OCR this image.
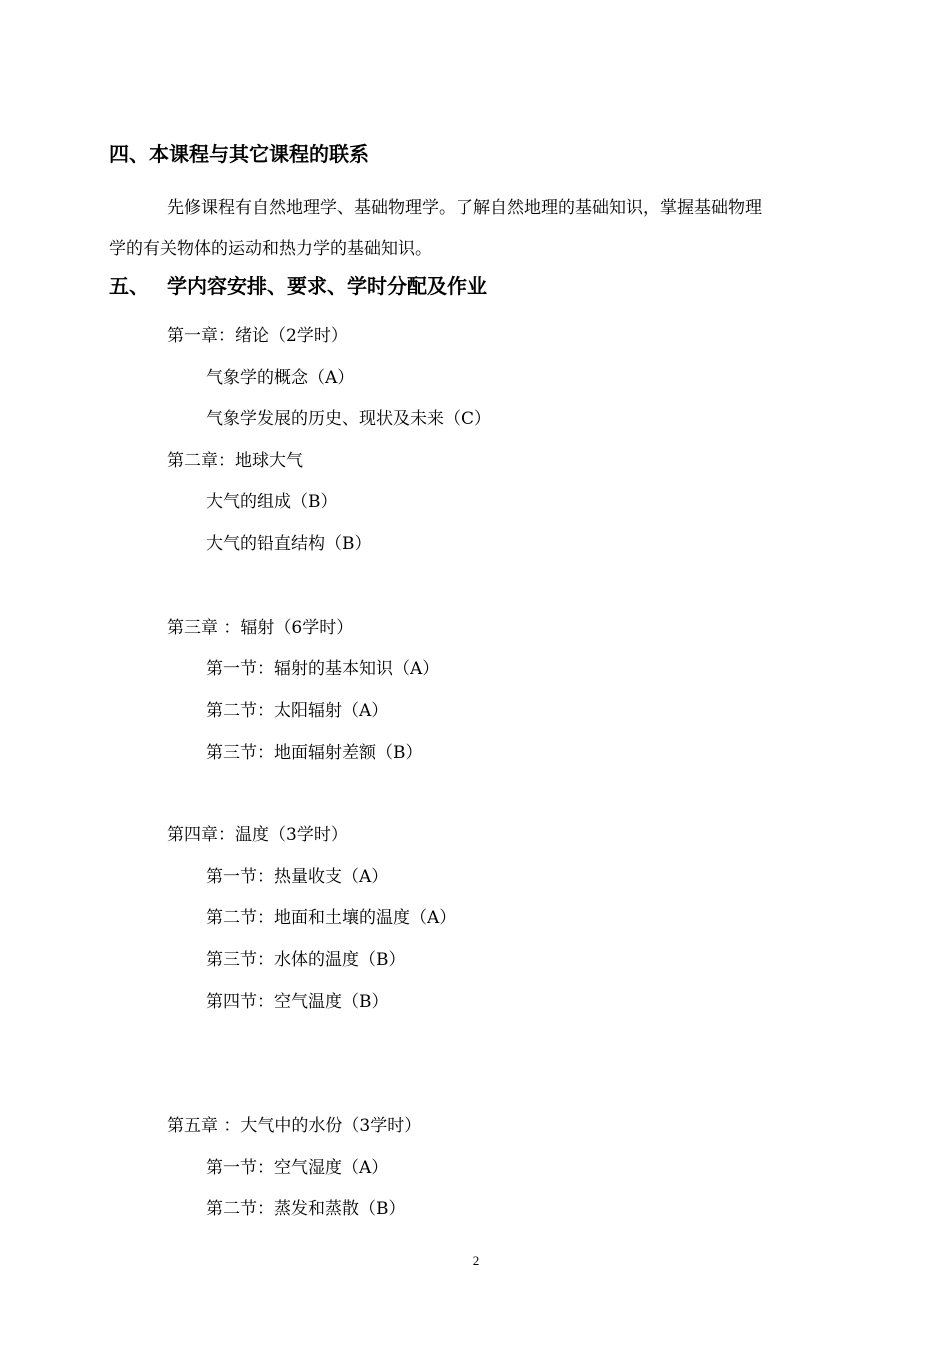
四、本课程与其它课程的联系
先修课程有自然地理学、基础物理学。了解自然地理的基础知识，掌握基础物理
学的有关物体的运动和热力学的基础知识。
五、 学内容安排、要求、学时分配及作业
第一章：绪论（2学时）
气象学的概念（A）
气象学发展的历史、现状及未来（C）
第二章：地球大气
大气的组成（B）
大气的铅直结构（B）
第三章 ：辐射（6学时）
第一节：辐射的基本知识（A）
第二节：太阳辐射（A）
第三节：地面辐射差额（B）
第四章：温度（3学时）
第一节：热量收支（A）
第二节：地面和土壤的温度（A）
第三节：水体的温度（B）
第四节：空气温度（B）
第五章 ：大气中的水份（3学时）
第一节：空气湿度（A）
第二节：蒸发和蒸散（B）
2
